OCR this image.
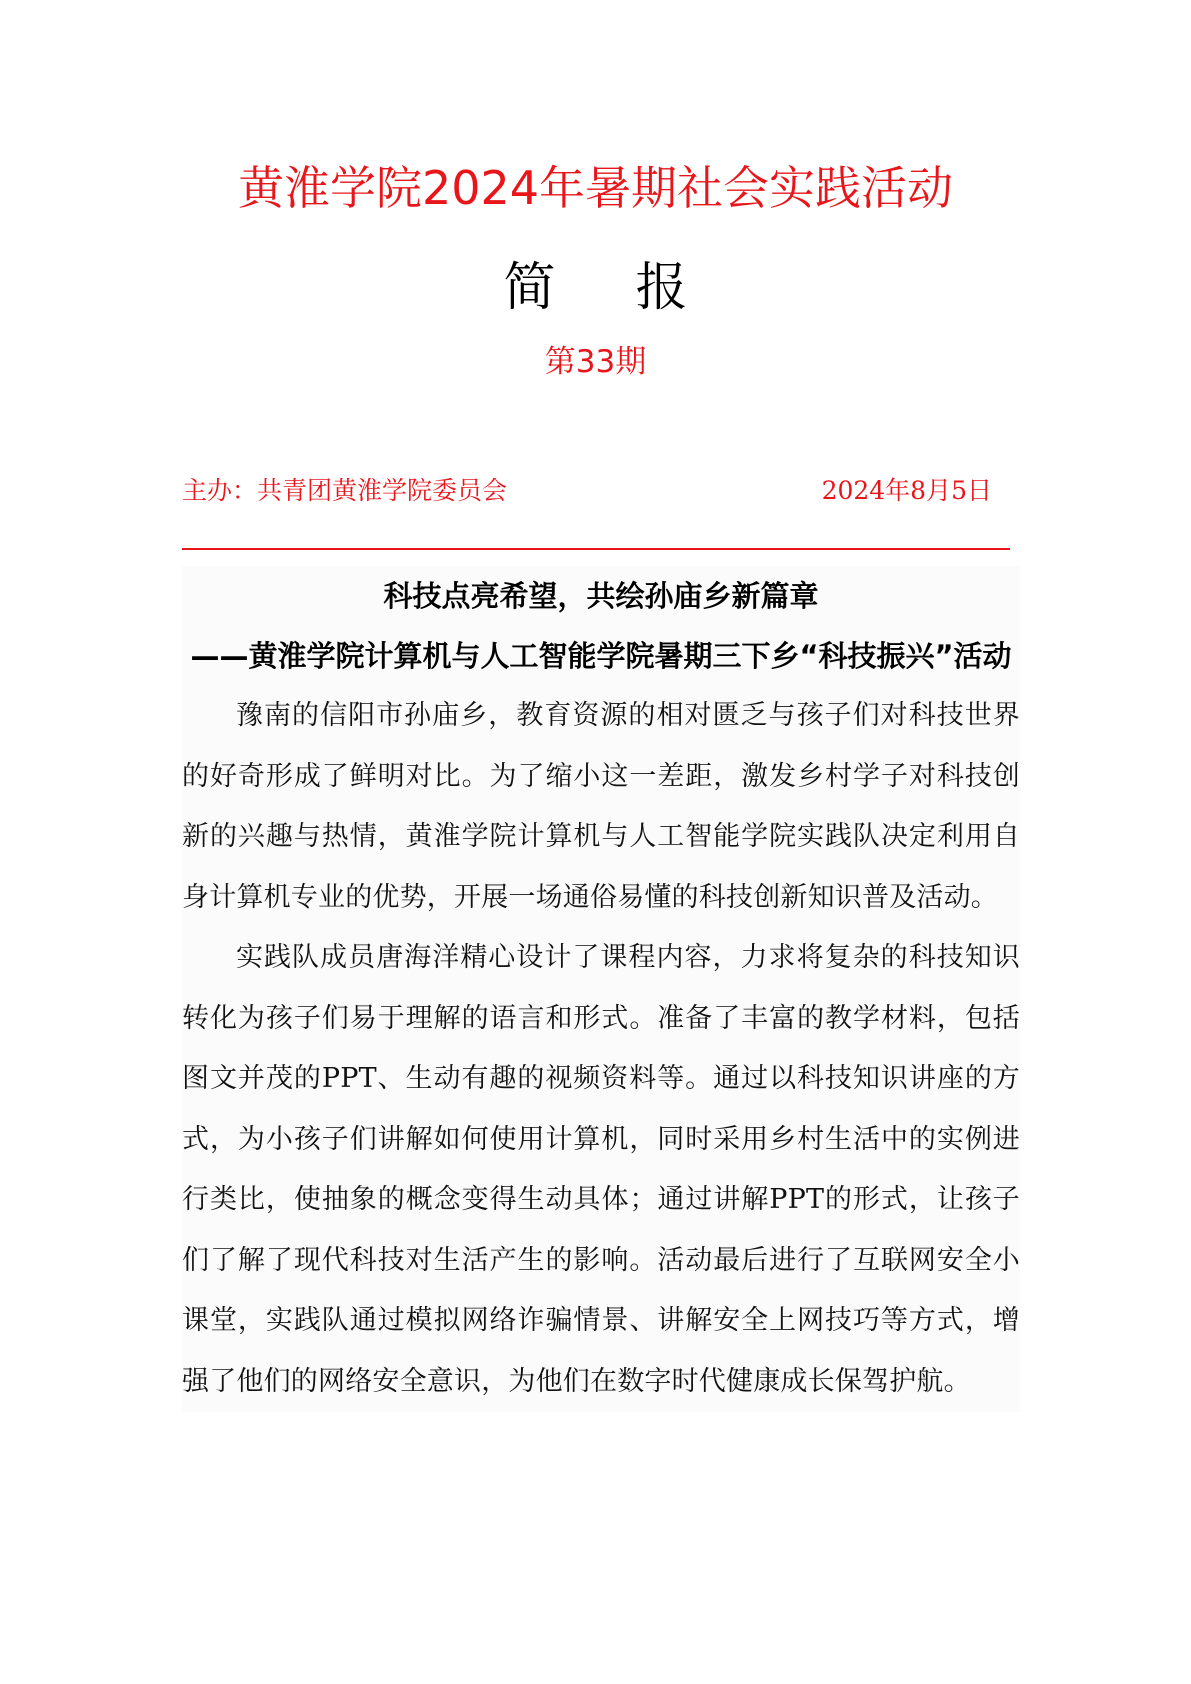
黄淮学院2024年暑期社会实践活动
简 报
第33期
主办：共青团黄淮学院委员会	2024年8月5日
科技点亮希望，共绘孙庙乡新篇章
——黄淮学院计算机与人工智能学院暑期三下乡“科技振兴”活动

豫南的信阳市孙庙乡，教育资源的相对匮乏与孩子们对科技世界的好奇形成了鲜明对比。为了缩小这一差距，激发乡村学子对科技创新的兴趣与热情，黄淮学院计算机与人工智能学院实践队决定利用自身计算机专业的优势，开展一场通俗易懂的科技创新知识普及活动。

实践队成员唐海洋精心设计了课程内容，力求将复杂的科技知识转化为孩子们易于理解的语言和形式。准备了丰富的教学材料，包括图文并茂的PPT、生动有趣的视频资料等。通过以科技知识讲座的方式，为小孩子们讲解如何使用计算机，同时采用乡村生活中的实例进行类比，使抽象的概念变得生动具体；通过讲解PPT的形式，让孩子们了解了现代科技对生活产生的影响。活动最后进行了互联网安全小课堂，实践队通过模拟网络诈骗情景、讲解安全上网技巧等方式，增强了他们的网络安全意识，为他们在数字时代健康成长保驾护航。
